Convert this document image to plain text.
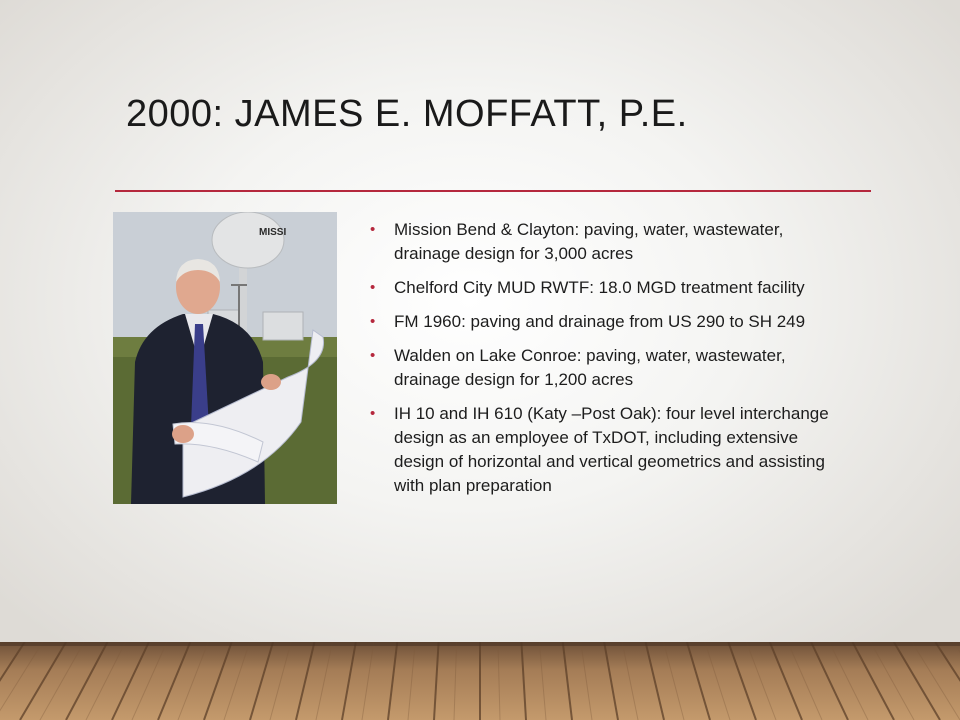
2000: JAMES E. MOFFATT, P.E.
MISSI	• Mission Bend & Clayton: paving, water, wastewater, drainage design for 3,000 acres
• Chelford City MUD RWTF: 18.0 MGD treatment facility
• FM 1960: paving and drainage from US 290 to SH 249
• Walden on Lake Conroe: paving, water, wastewater, drainage design for 1,200 acres
• IH 10 and IH 610 (Katy –Post Oak): four level interchange design as an employee of TxDOT, including extensive design of horizontal and vertical geometrics and assisting with plan preparation
